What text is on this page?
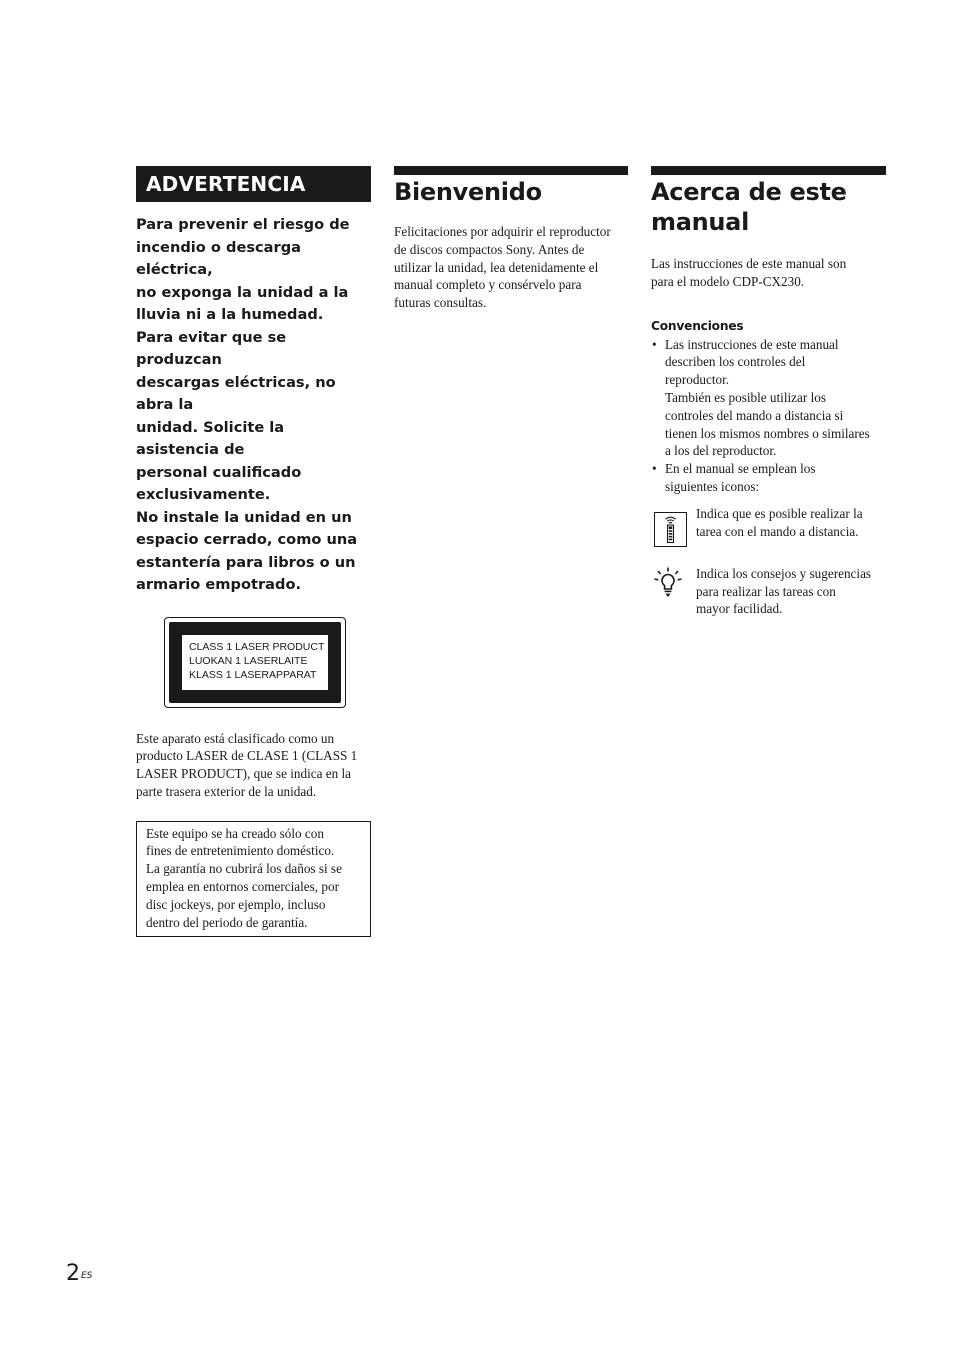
ADVERTENCIA

Para prevenir el riesgo de
incendio o descarga eléctrica,
no exponga la unidad a la
lluvia ni a la humedad.

Para evitar que se produzcan
descargas eléctricas, no abra la
unidad. Solicite la asistencia de
personal cualificado
exclusivamente.

No instale la unidad en un
espacio cerrado, como una
estantería para libros o un
armario empotrado.

CLASS 1 LASER PRODUCT
LUOKAN 1 LASERLAITE
KLASS 1 LASERAPPARAT
Este aparato está clasificado como un
producto LASER de CLASE 1 (CLASS 1
LASER PRODUCT), que se indica en la
parte trasera exterior de la unidad.
Este equipo se ha creado sólo con
fines de entretenimiento doméstico.
La garantía no cubrirá los daños si se
emplea en entornos comerciales, por
disc jockeys, por ejemplo, incluso
dentro del periodo de garantía.
Bienvenido
Felicitaciones por adquirir el reproductor
de discos compactos Sony. Antes de
utilizar la unidad, lea detenidamente el
manual completo y consérvelo para
futuras consultas.
Acerca de este
manual
Las instrucciones de este manual son
para el modelo CDP-CX230.
Convenciones
• Las instrucciones de este manual
describen los controles del
reproductor.
También es posible utilizar los
controles del mando a distancia si
tienen los mismos nombres o similares
a los del reproductor.
• En el manual se emplean los
siguientes iconos:
Indica que es posible realizar la
tarea con el mando a distancia.
Indica los consejos y sugerencias
para realizar las tareas con
mayor facilidad.
$2^{ES}$
